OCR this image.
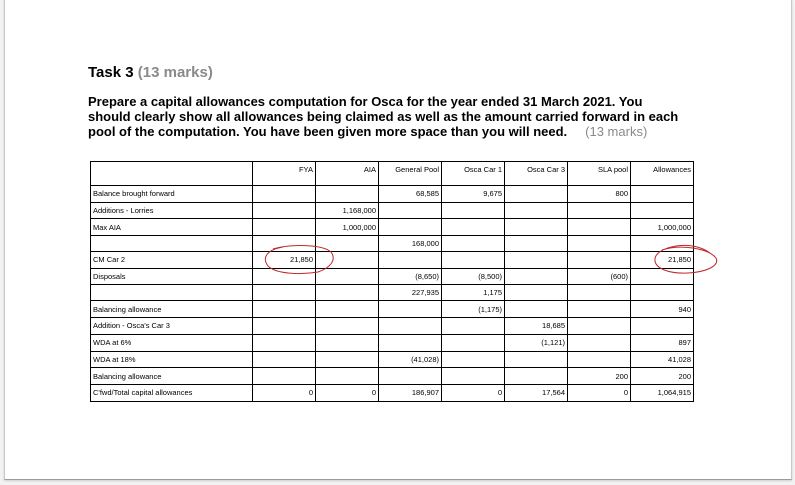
Task 3 (13 marks)
Prepare a capital allowances computation for Osca for the year ended 31 March 2021. You
should clearly show all allowances being claimed as well as the amount carried forward in each
pool of the computation. You have been given more space than you will need. (13 marks)
	FYA	AIA	General Pool	Osca Car 1	Osca Car 3	SLA pool	Allowances
Balance brought forward			68,585	9,675		800	
Additions - Lorries		1,168,000					
Max AIA		1,000,000					1,000,000
			168,000				
CM Car 2	21,850						21,850
Disposals			(8,650)	(8,500)		(600)	
			227,935	1,175			
Balancing allowance				(1,175)			940
Addition - Osca's Car 3					18,685		
WDA at 6%					(1,121)		897
WDA at 18%			(41,028)				41,028
Balancing allowance						200	200
C'fwd/Total capital allowances	0	0	186,907	0	17,564	0	1,064,915
